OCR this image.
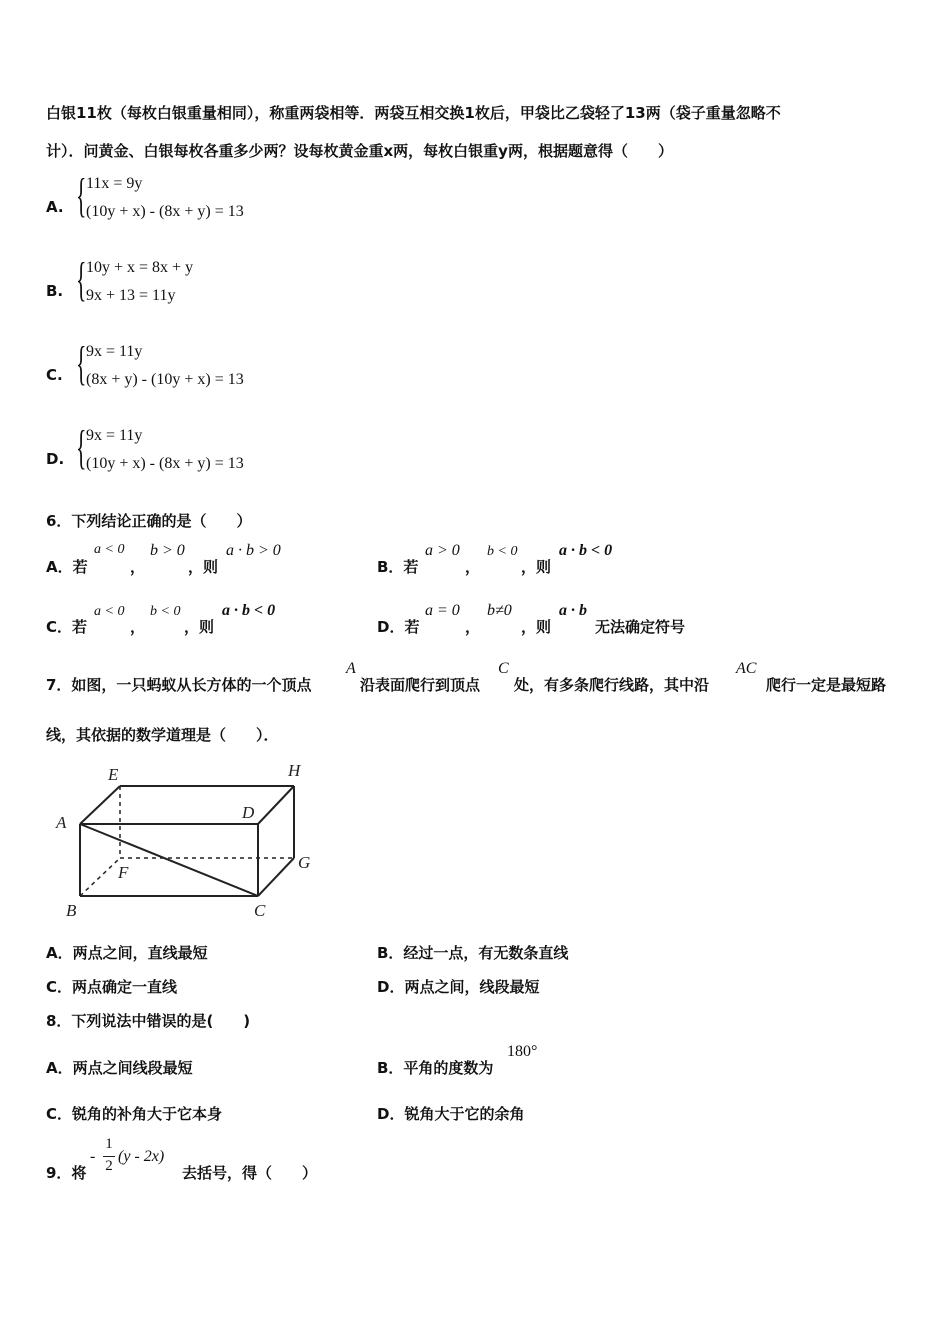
白银11枚（每枚白银重量相同），称重两袋相等．两袋互相交换1枚后，甲袋比乙袋轻了13两（袋子重量忽略不
计）．问黄金、白银每枚各重多少两？设每枚黄金重x两，每枚白银重y两，根据题意得（　　）
A. { 11x = 9y
(10y + x) - (8x + y) = 13
B. { 10y + x = 8x + y
9x + 13 = 11y
C. { 9x = 11y
(8x + y) - (10y + x) = 13
D. { 9x = 11y
(10y + x) - (8x + y) = 13
6．下列结论正确的是（　　）
A．若
a < 0
，
b > 0
，则
a · b > 0
B．若
a > 0
，
b < 0
，则
a · b < 0
C．若
a < 0
，
b < 0
，则
a · b < 0
D．若
a = 0
，
b≠0
，则
a · b
无法确定符号
7．如图，一只蚂蚁从长方体的一个顶点
A
沿表面爬行到顶点
C
处，有多条爬行线路，其中沿
AC
爬行一定是最短路
线，其依据的数学道理是（　　）．
E	H
A
D
G
F
B	C
A．两点之间，直线最短	B．经过一点，有无数条直线
C．两点确定一直线	D．两点之间，线段最短
8．下列说法中错误的是(　　)
A．两点之间线段最短	B．平角的度数为
180°
C．锐角的补角大于它本身	D．锐角大于它的余角
9．将
-
1
2
(y - 2x)
去括号，得（　　）
